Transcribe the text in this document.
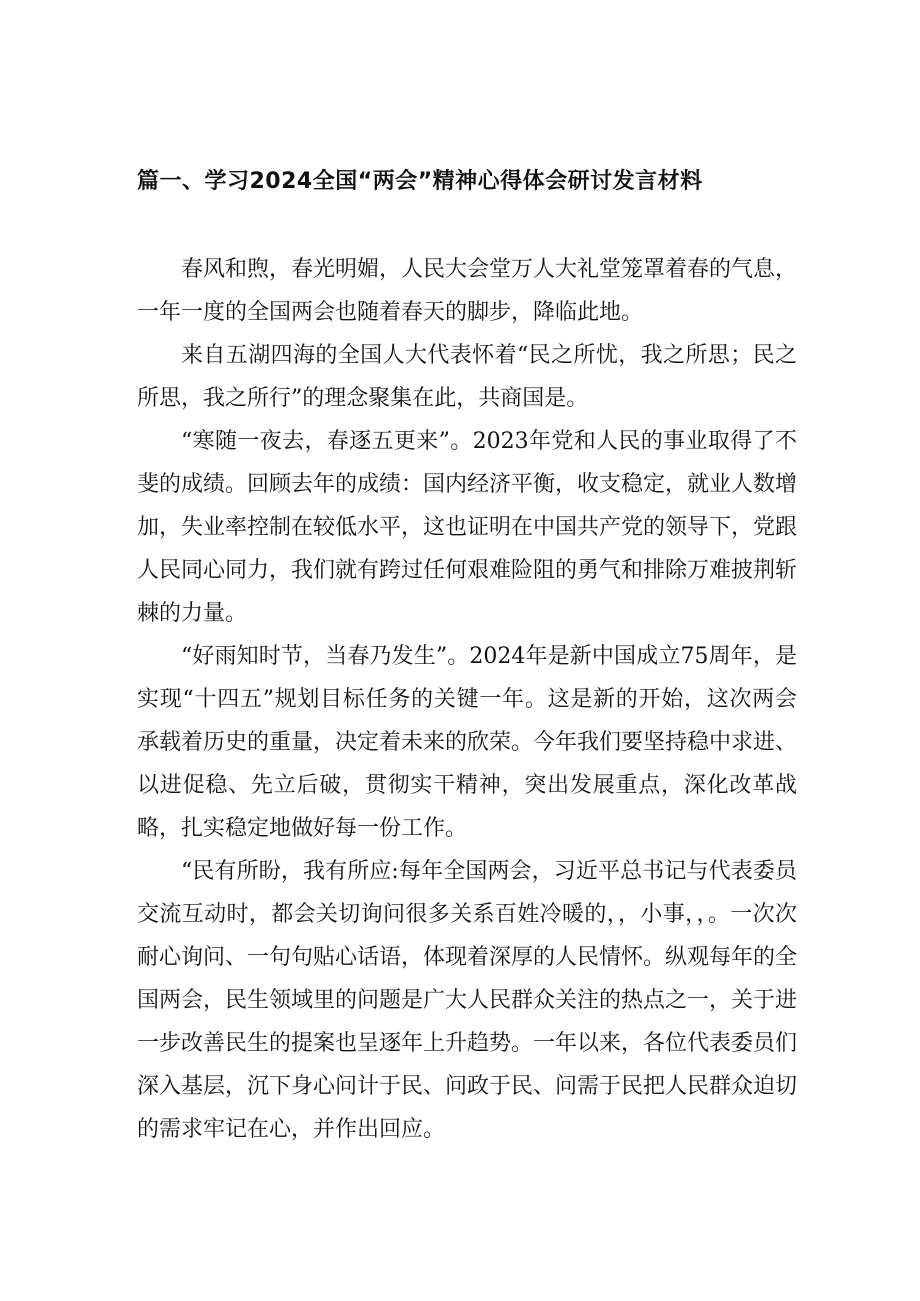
篇一、学习2024全国“两会”精神心得体会研讨发言材料

春风和煦，春光明媚，人民大会堂万人大礼堂笼罩着春的气息，一年一度的全国两会也随着春天的脚步，降临此地。

来自五湖四海的全国人大代表怀着“民之所忧，我之所思；民之所思，我之所行”的理念聚集在此，共商国是。

“寒随一夜去，春逐五更来”。2023年党和人民的事业取得了不斐的成绩。回顾去年的成绩：国内经济平衡，收支稳定，就业人数增加，失业率控制在较低水平，这也证明在中国共产党的领导下，党跟人民同心同力，我们就有跨过任何艰难险阻的勇气和排除万难披荆斩棘的力量。

“好雨知时节，当春乃发生”。2024年是新中国成立75周年，是实现“十四五”规划目标任务的关键一年。这是新的开始，这次两会承载着历史的重量，决定着未来的欣荣。今年我们要坚持稳中求进、以进促稳、先立后破，贯彻实干精神，突出发展重点，深化改革战略，扎实稳定地做好每一份工作。

“民有所盼，我有所应:每年全国两会，习近平总书记与代表委员交流互动时，都会关切询问很多关系百姓冷暖的，，小事，，。一次次耐心询问、一句句贴心话语，体现着深厚的人民情怀。纵观每年的全国两会，民生领域里的问题是广大人民群众关注的热点之一，关于进一步改善民生的提案也呈逐年上升趋势。一年以来，各位代表委员们深入基层，沉下身心问计于民、问政于民、问需于民把人民群众迫切的需求牢记在心，并作出回应。
